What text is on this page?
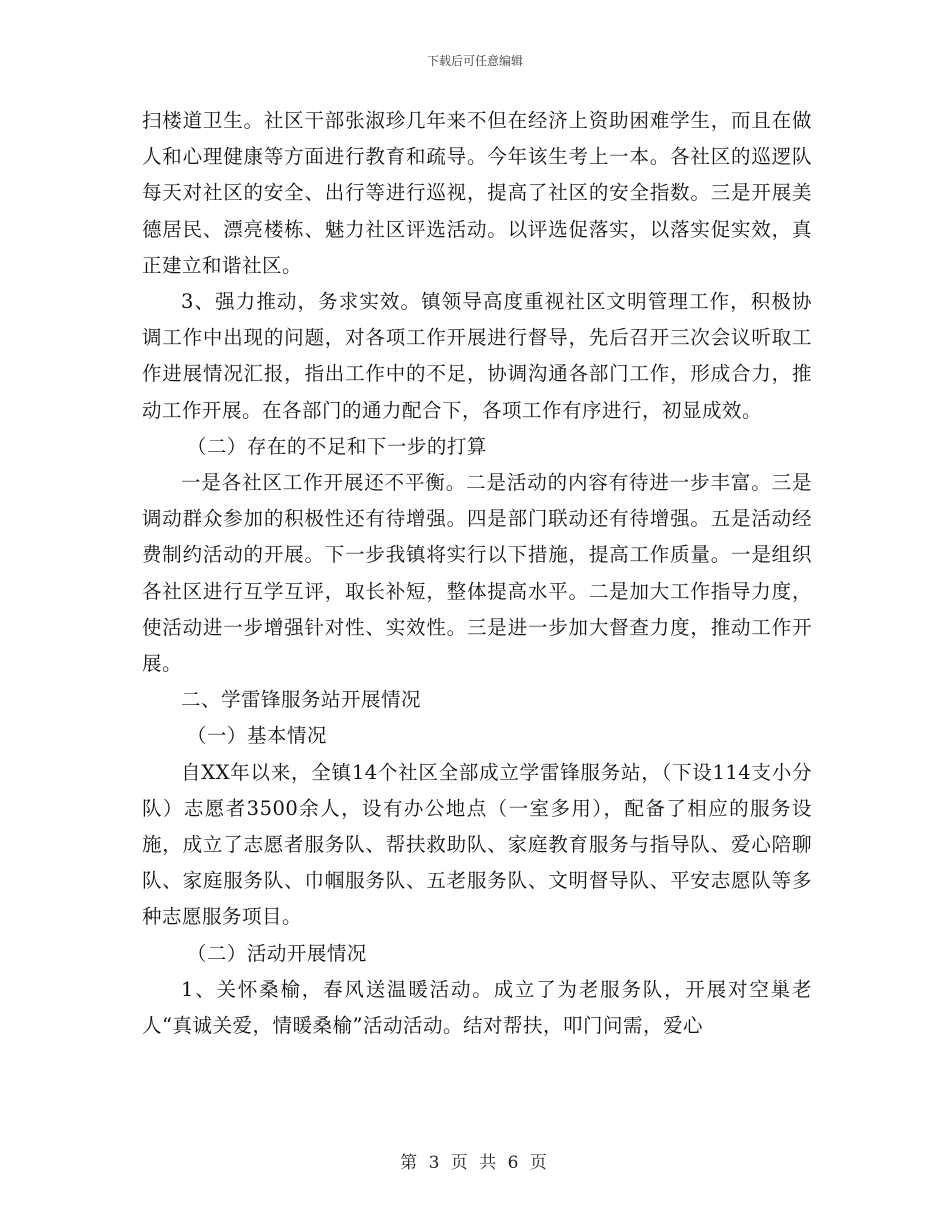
下载后可任意编辑

扫楼道卫生。社区干部张淑珍几年来不但在经济上资助困难学生，而且在做人和心理健康等方面进行教育和疏导。今年该生考上一本。各社区的巡逻队每天对社区的安全、出行等进行巡视，提高了社区的安全指数。三是开展美德居民、漂亮楼栋、魅力社区评选活动。以评选促落实，以落实促实效，真正建立和谐社区。

3、强力推动，务求实效。镇领导高度重视社区文明管理工作，积极协调工作中出现的问题，对各项工作开展进行督导，先后召开三次会议听取工作进展情况汇报，指出工作中的不足，协调沟通各部门工作，形成合力，推动工作开展。在各部门的通力配合下，各项工作有序进行，初显成效。

（二）存在的不足和下一步的打算

一是各社区工作开展还不平衡。二是活动的内容有待进一步丰富。三是调动群众参加的积极性还有待增强。四是部门联动还有待增强。五是活动经费制约活动的开展。下一步我镇将实行以下措施，提高工作质量。一是组织各社区进行互学互评，取长补短，整体提高水平。二是加大工作指导力度，使活动进一步增强针对性、实效性。三是进一步加大督查力度，推动工作开展。

二、学雷锋服务站开展情况

（一）基本情况

自XX年以来，全镇14个社区全部成立学雷锋服务站，（下设114支小分队）志愿者3500余人，设有办公地点（一室多用），配备了相应的服务设施，成立了志愿者服务队、帮扶救助队、家庭教育服务与指导队、爱心陪聊队、家庭服务队、巾帼服务队、五老服务队、文明督导队、平安志愿队等多种志愿服务项目。

（二）活动开展情况

1、关怀桑榆，春风送温暖活动。成立了为老服务队，开展对空巢老人“真诚关爱，情暖桑榆”活动活动。结对帮扶，叩门问需，爱心

第 3 页 共 6 页
